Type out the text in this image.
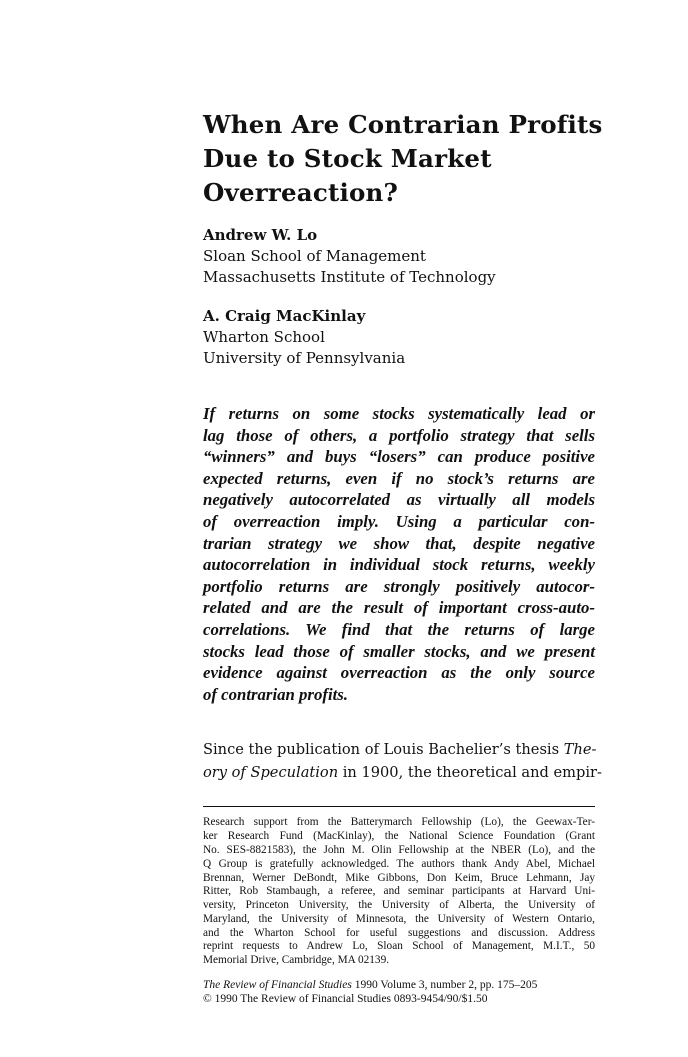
When Are Contrarian Profits
Due to Stock Market
Overreaction?
Andrew W. Lo
Sloan School of Management
Massachusetts Institute of Technology
A. Craig MacKinlay
Wharton School
University of Pennsylvania
If returns on some stocks systematically lead or
lag those of others, a portfolio strategy that sells
“winners” and buys “losers” can produce positive
expected returns, even if no stock’s returns are
negatively autocorrelated as virtually all models
of overreaction imply. Using a particular con-
trarian strategy we show that, despite negative
autocorrelation in individual stock returns, weekly
portfolio returns are strongly positively autocor-
related and are the result of important cross-auto-
correlations. We find that the returns of large
stocks lead those of smaller stocks, and we present
evidence against overreaction as the only source
of contrarian profits.
Since the publication of Louis Bachelier’s thesis The-
ory of Speculation in 1900, the theoretical and empir-
Research support from the Batterymarch Fellowship (Lo), the Geewax-Ter-
ker Research Fund (MacKinlay), the National Science Foundation (Grant
No. SES-8821583), the John M. Olin Fellowship at the NBER (Lo), and the
Q Group is gratefully acknowledged. The authors thank Andy Abel, Michael
Brennan, Werner DeBondt, Mike Gibbons, Don Keim, Bruce Lehmann, Jay
Ritter, Rob Stambaugh, a referee, and seminar participants at Harvard Uni-
versity, Princeton University, the University of Alberta, the University of
Maryland, the University of Minnesota, the University of Western Ontario,
and the Wharton School for useful suggestions and discussion. Address
reprint requests to Andrew Lo, Sloan School of Management, M.I.T., 50
Memorial Drive, Cambridge, MA 02139.
The Review of Financial Studies 1990 Volume 3, number 2, pp. 175–205
© 1990 The Review of Financial Studies 0893-9454/90/$1.50
